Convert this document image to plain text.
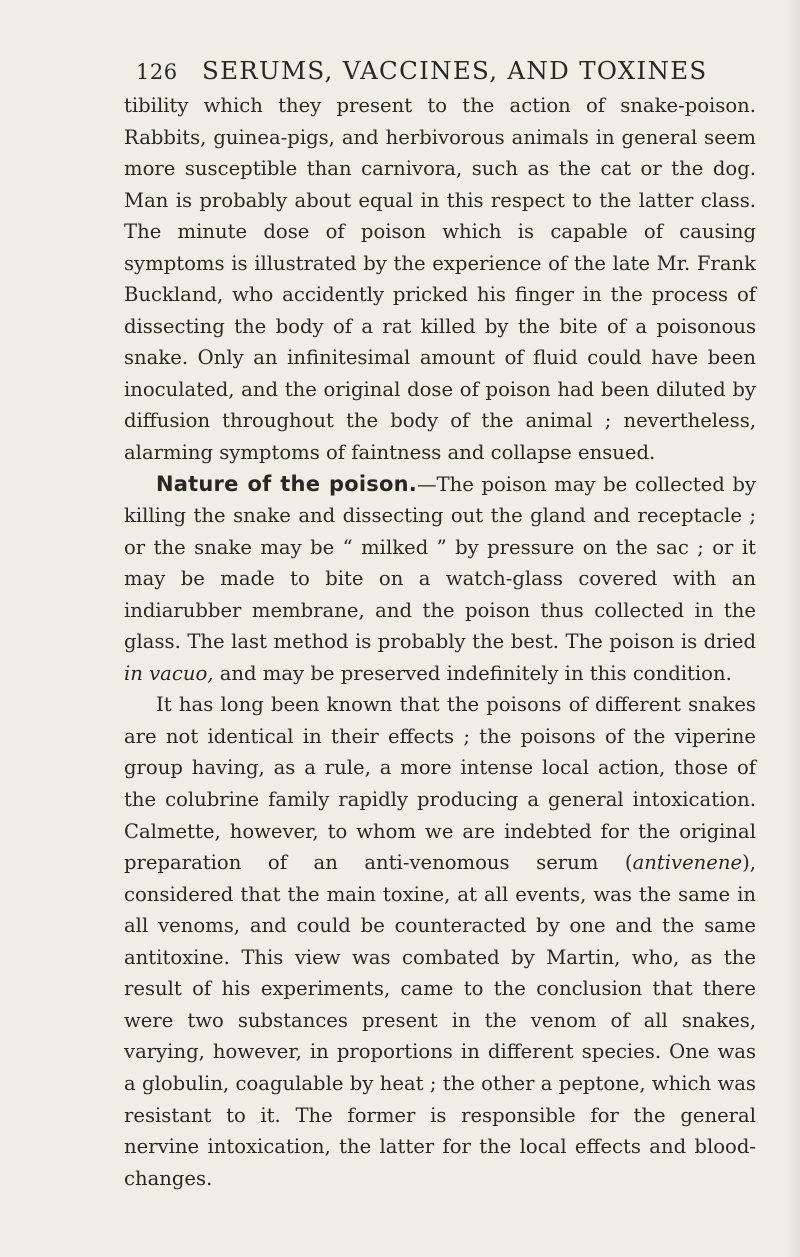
126 SERUMS, VACCINES, AND TOXINES

tibility which they present to the action of snake-poison. Rabbits, guinea-pigs, and herbivorous animals in general seem more susceptible than carnivora, such as the cat or the dog. Man is probably about equal in this respect to the latter class. The minute dose of poison which is capable of causing symptoms is illustrated by the experience of the late Mr. Frank Buckland, who accidently pricked his finger in the process of dissecting the body of a rat killed by the bite of a poisonous snake. Only an infinitesimal amount of fluid could have been inoculated, and the original dose of poison had been diluted by diffusion throughout the body of the animal ; nevertheless, alarming symptoms of faintness and collapse ensued.

Nature of the poison.—The poison may be collected by killing the snake and dissecting out the gland and receptacle ; or the snake may be “ milked ” by pressure on the sac ; or it may be made to bite on a watch-glass covered with an indiarubber membrane, and the poison thus collected in the glass. The last method is probably the best. The poison is dried in vacuo, and may be preserved indefinitely in this condition.

It has long been known that the poisons of different snakes are not identical in their effects ; the poisons of the viperine group having, as a rule, a more intense local action, those of the colubrine family rapidly producing a general intoxication. Calmette, however, to whom we are indebted for the original preparation of an anti-venomous serum (antivenene), considered that the main toxine, at all events, was the same in all venoms, and could be counteracted by one and the same antitoxine. This view was combated by Martin, who, as the result of his experiments, came to the conclusion that there were two substances present in the venom of all snakes, varying, however, in proportions in different species. One was a globulin, coagulable by heat ; the other a peptone, which was resistant to it. The former is responsible for the general nervine intoxication, the latter for the local effects and blood-changes.
